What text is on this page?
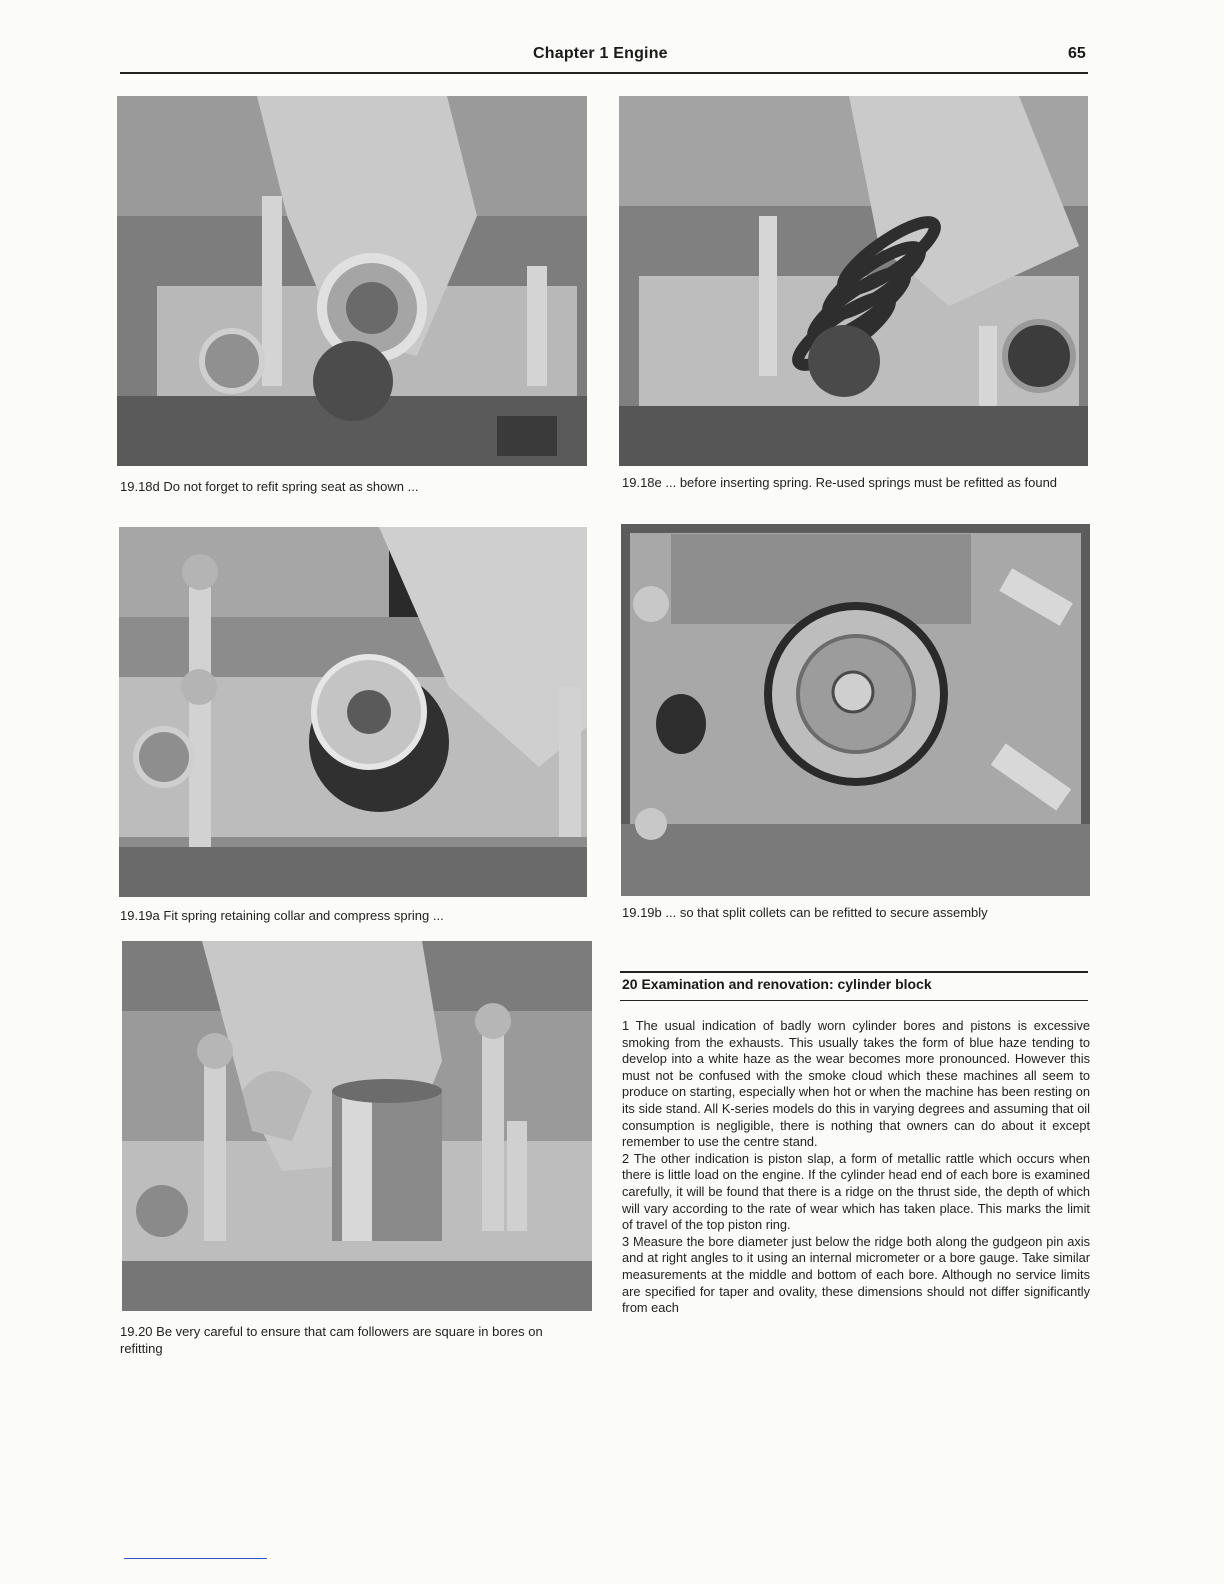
Chapter 1 Engine	65
19.18d Do not forget to refit spring seat as shown ...	19.18e ... before inserting spring. Re-used springs must be refitted as found
19.19a Fit spring retaining collar and compress spring ...	19.19b ... so that split collets can be refitted to secure assembly
19.20 Be very careful to ensure that cam followers are square in bores on refitting
20 Examination and renovation: cylinder block

1 The usual indication of badly worn cylinder bores and pistons is excessive smoking from the exhausts. This usually takes the form of blue haze tending to develop into a white haze as the wear becomes more pronounced. However this must not be confused with the smoke cloud which these machines all seem to produce on starting, especially when hot or when the machine has been resting on its side stand. All K-series models do this in varying degrees and assuming that oil consumption is negligible, there is nothing that owners can do about it except remember to use the centre stand.

2 The other indication is piston slap, a form of metallic rattle which occurs when there is little load on the engine. If the cylinder head end of each bore is examined carefully, it will be found that there is a ridge on the thrust side, the depth of which will vary according to the rate of wear which has taken place. This marks the limit of travel of the top piston ring.

3 Measure the bore diameter just below the ridge both along the gudgeon pin axis and at right angles to it using an internal micrometer or a bore gauge. Take similar measurements at the middle and bottom of each bore. Although no service limits are specified for taper and ovality, these dimensions should not differ significantly from each
